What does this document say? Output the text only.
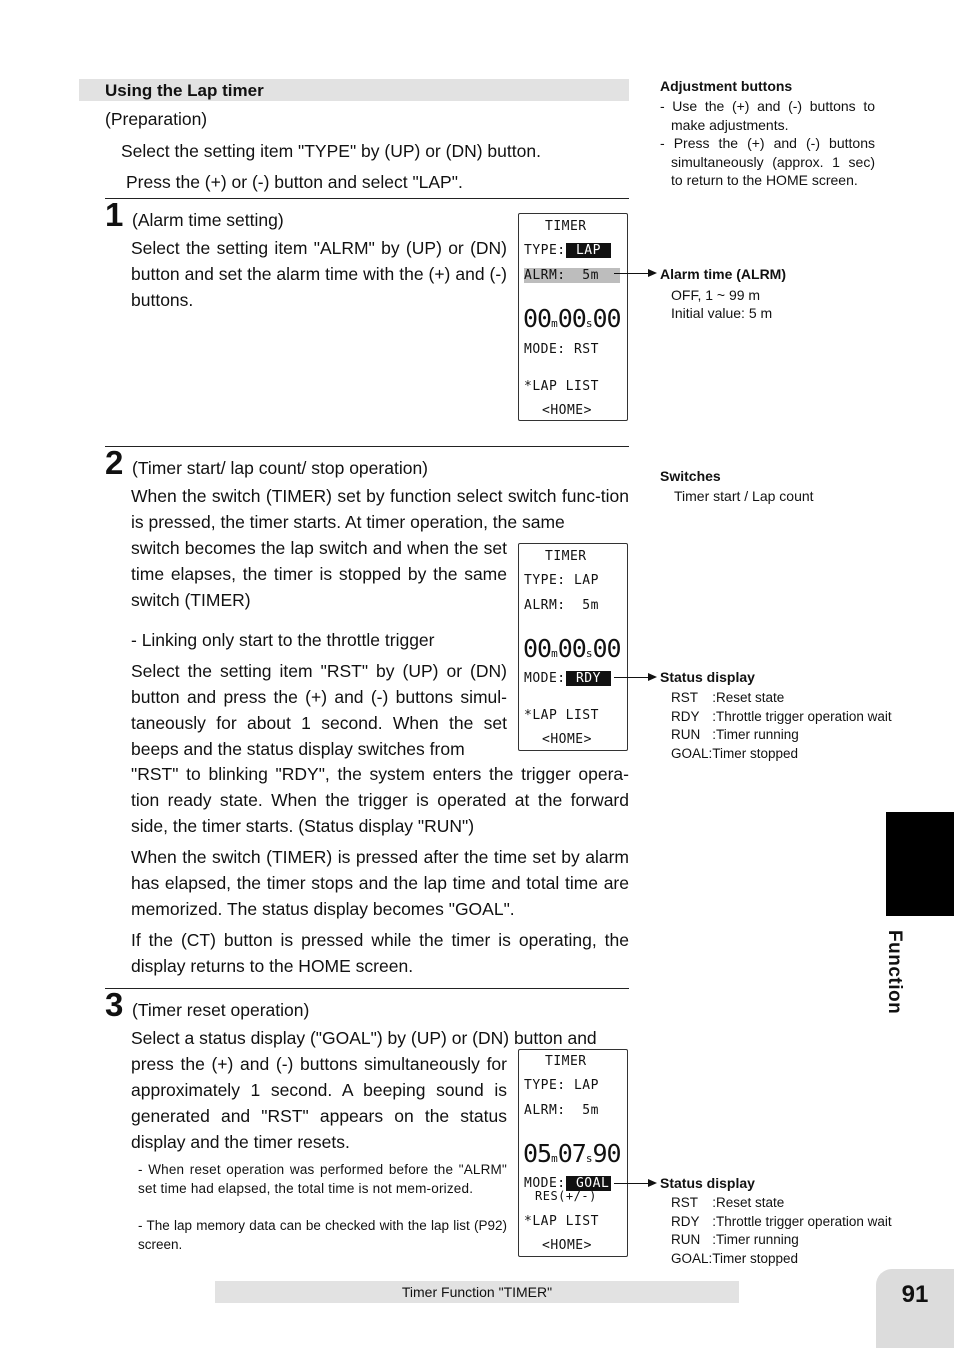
Using the Lap timer
(Preparation)
Select the setting item "TYPE" by (UP) or (DN) button.
Press the (+) or (-) button and select "LAP".
1 (Alarm time setting)
Select the setting item "ALRM" by (UP) or (DN) button and set the alarm time with the (+) and (-) buttons.
TIMER
TYPE: LAP
ALRM:  5m
00m00s00
MODE: RST
*LAP LIST
<HOME>
2 (Timer start/ lap count/ stop operation)
When the switch (TIMER) set by function select switch func-tion is pressed, the timer starts. At timer operation, the same
switch becomes the lap switch and when the set time elapses, the timer is stopped by the same switch (TIMER)
- Linking only start to the throttle trigger
Select the setting item "RST" by (UP) or (DN) button and press the (+) and (-) buttons simul-taneously for about 1 second. When the set beeps and the status display switches from
"RST" to blinking "RDY", the system enters the trigger opera-tion ready state. When the trigger is operated at the forward side, the timer starts. (Status display "RUN")
When the switch (TIMER) is pressed after the time set by alarm has elapsed, the timer stops and the lap time and total time are memorized. The status display becomes "GOAL".
If the (CT) button is pressed while the timer is operating, the display returns to the HOME screen.
TIMER
TYPE: LAP
ALRM:  5m
00m00s00
MODE: RDY
*LAP LIST
<HOME>
3 (Timer reset operation)
Select a status display ("GOAL") by (UP) or (DN) button and
press the (+) and (-) buttons simultaneously for approximately 1 second. A beeping sound is generated and "RST" appears on the status display and the timer resets.
- When reset operation was performed before the "ALRM" set time had elapsed, the total time is not mem-orized.
- The lap memory data can be checked with the lap list (P92) screen.
TIMER
TYPE: LAP
ALRM:  5m
05m07s90
MODE: GOAL
RES(+/-)
*LAP LIST
<HOME>
Adjustment buttons
- Use the (+) and (-) buttons to make adjustments.
- Press the (+) and (-) buttons simultaneously (approx. 1 sec) to return to the HOME screen.
Alarm time (ALRM)
OFF, 1 ~ 99 m
Initial value: 5 m
Switches
Timer start / Lap count
Status display
RST	:Reset state
RDY	:Throttle trigger operation wait
RUN	:Timer running
GOAL:	Timer stopped
Status display
RST	:Reset state
RDY	:Throttle trigger operation wait
RUN	:Timer running
GOAL:	Timer stopped
Function
Timer Function "TIMER"	91
